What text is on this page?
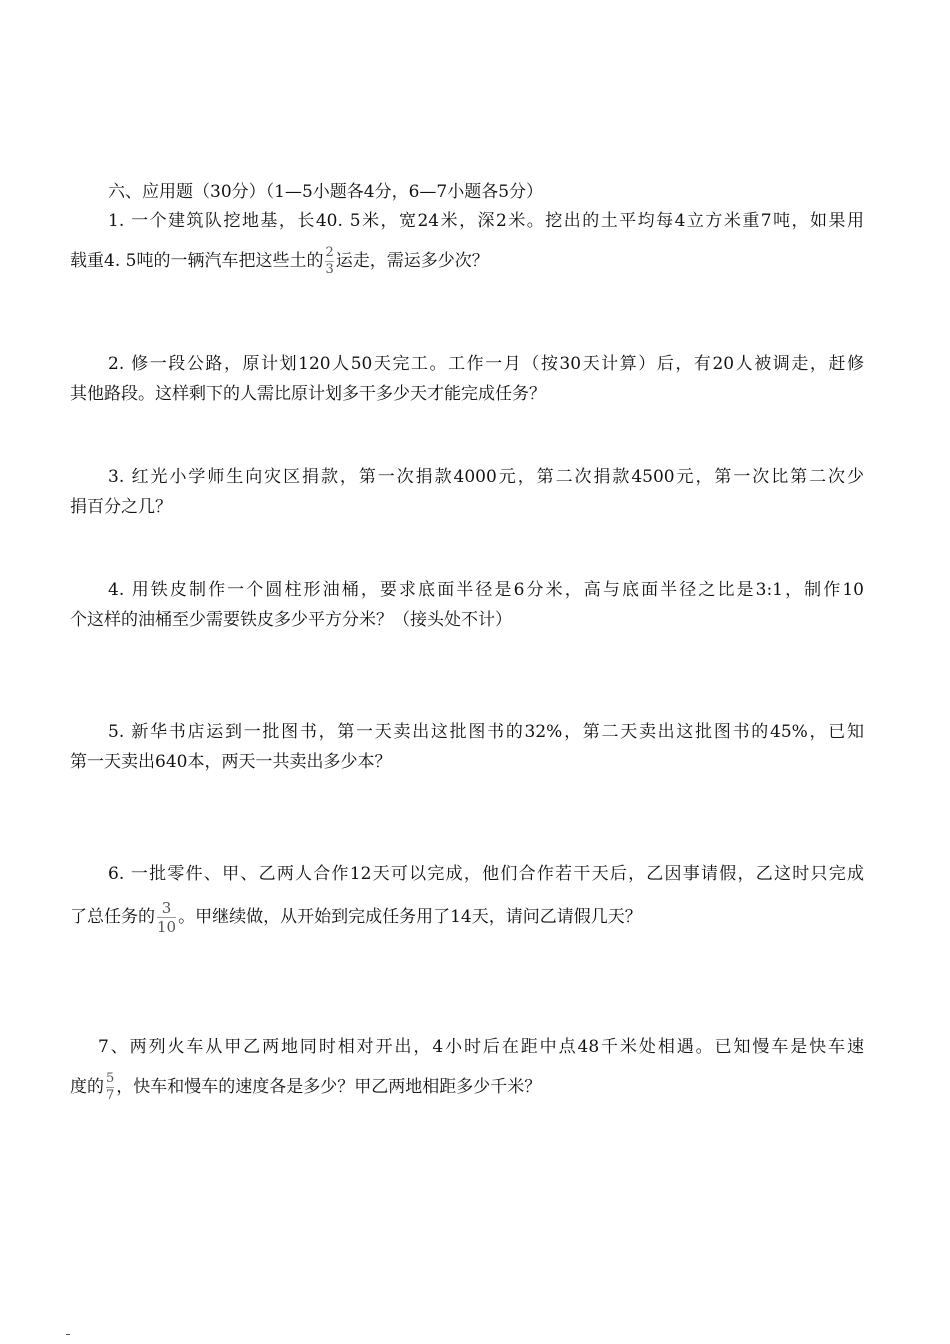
六、应用题（30分）（1—5小题各4分，6—7小题各5分）
1. 一个建筑队挖地基，长40. 5米，宽24米，深2米。挖出的土平均每4立方米重7吨，如果用
载重4. 5吨的一辆汽车把这些土的 $\frac{2}{3}$ 运走，需运多少次？
2. 修一段公路，原计划120人50天完工。工作一月（按30天计算）后，有20人被调走，赶修
其他路段。这样剩下的人需比原计划多干多少天才能完成任务？
3. 红光小学师生向灾区捐款，第一次捐款4000元，第二次捐款4500元，第一次比第二次少
捐百分之几？
4. 用铁皮制作一个圆柱形油桶，要求底面半径是6分米，高与底面半径之比是3:1，制作10
个这样的油桶至少需要铁皮多少平方分米？（接头处不计）
5. 新华书店运到一批图书，第一天卖出这批图书的32%，第二天卖出这批图书的45%，已知
第一天卖出640本，两天一共卖出多少本？
6. 一批零件、甲、乙两人合作12天可以完成，他们合作若干天后，乙因事请假，乙这时只完成
了总任务的 $\frac{3}{10}$ 。甲继续做，从开始到完成任务用了14天，请问乙请假几天？
7、两列火车从甲乙两地同时相对开出，4小时后在距中点48千米处相遇。已知慢车是快车速
度的 $\frac{5}{7}$ ，快车和慢车的速度各是多少？甲乙两地相距多少千米？
